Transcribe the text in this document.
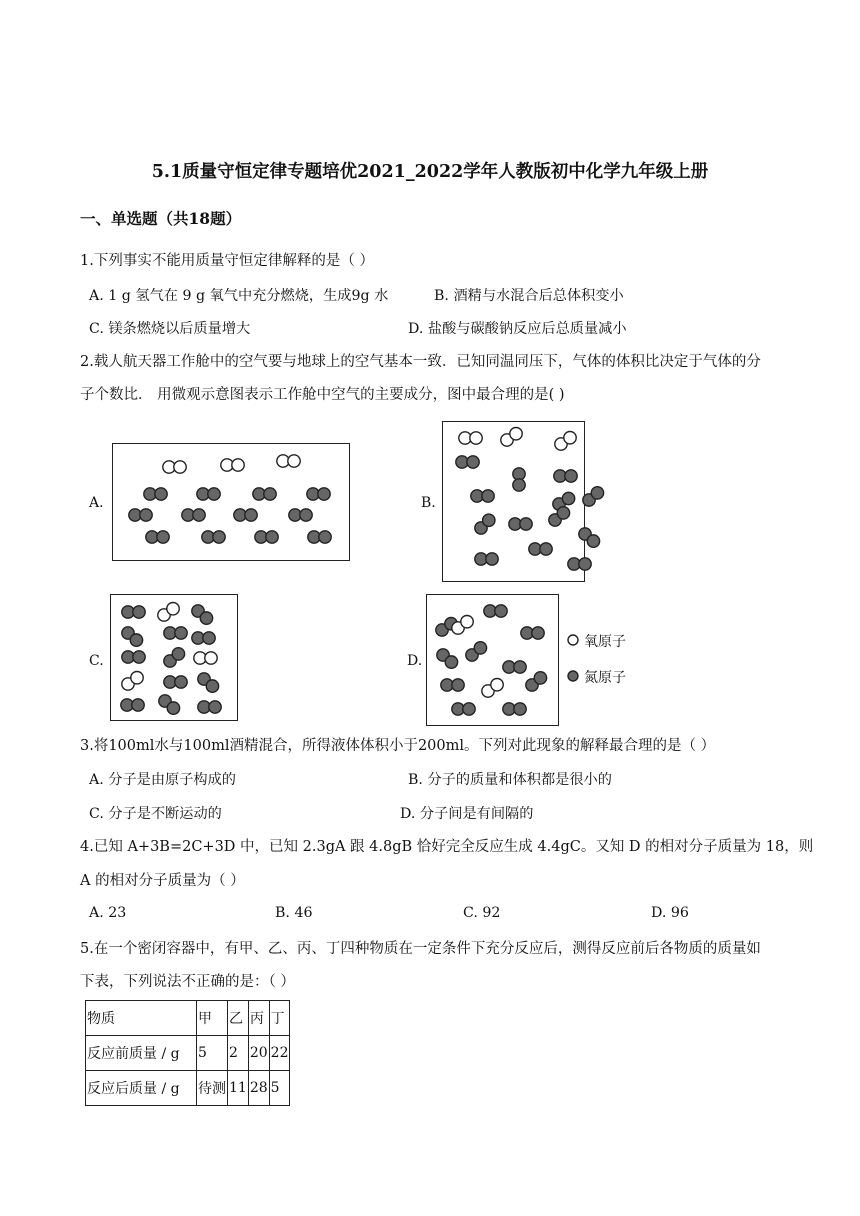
5.1质量守恒定律专题培优2021_2022学年人教版初中化学九年级上册
一、单选题（共18题）
1.下列事实不能用质量守恒定律解释的是（ ）
A. 1 g 氢气在 9 g 氧气中充分燃烧，生成9g 水	B. 酒精与水混合后总体积变小
C. 镁条燃烧以后质量增大	D. 盐酸与碳酸钠反应后总质量减小
2.载人航天器工作舱中的空气要与地球上的空气基本一致．已知同温同压下，气体的体积比决定于气体的分
子个数比． 用微观示意图表示工作舱中空气的主要成分，图中最合理的是( )
A.	B.
C.	D.
氧原子
氮原子
3.将100ml水与100ml酒精混合，所得液体体积小于200ml。下列对此现象的解释最合理的是（ ）
A. 分子是由原子构成的	B. 分子的质量和体积都是很小的
C. 分子是不断运动的	D. 分子间是有间隔的
4.已知 A+3B=2C+3D 中，已知 2.3gA 跟 4.8gB 恰好完全反应生成 4.4gC。又知 D 的相对分子质量为 18，则
A 的相对分子质量为（ ）
A. 23	B. 46	C. 92	D. 96
5.在一个密闭容器中，有甲、乙、丙、丁四种物质在一定条件下充分反应后，测得反应前后各物质的质量如
下表，下列说法不正确的是：（ ）
物质	甲	乙	丙	丁
反应前质量 / g	5	2	20	22
反应后质量 / g	待测	11	28	5
